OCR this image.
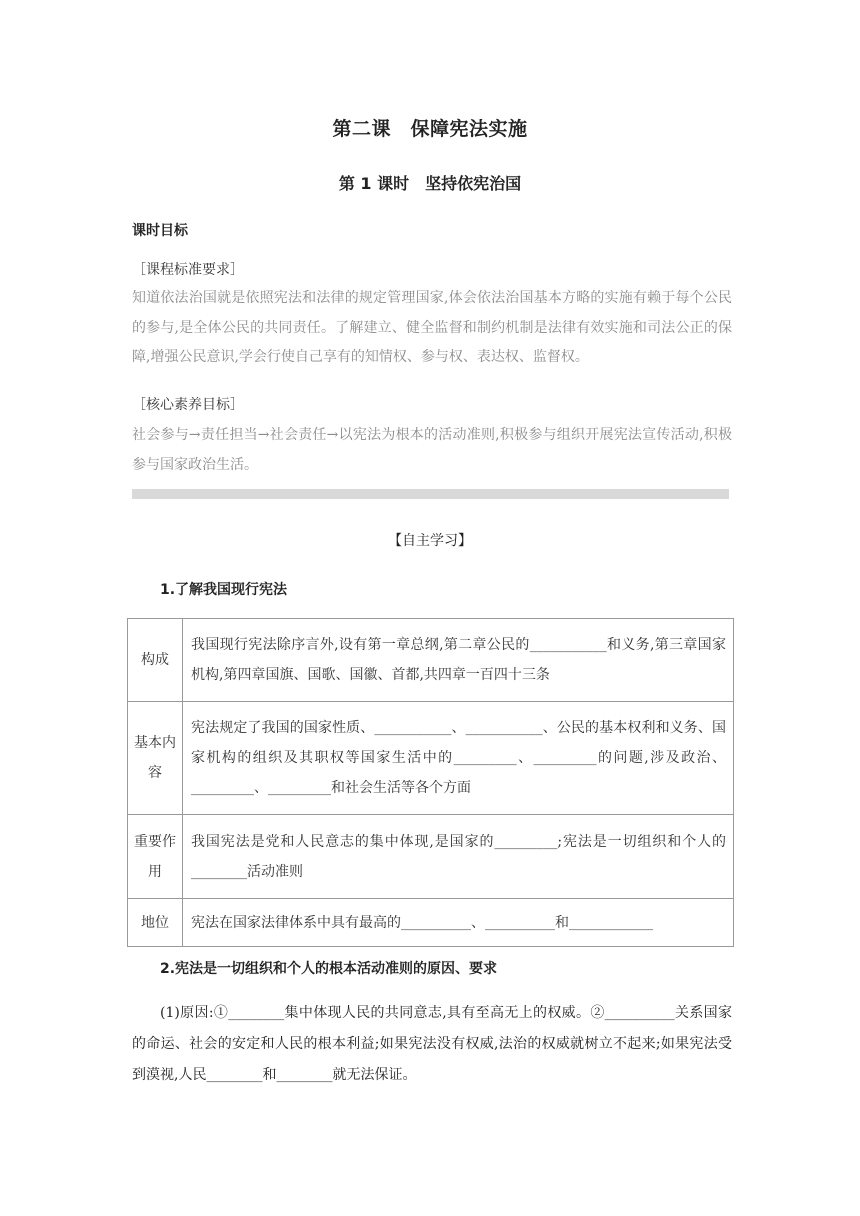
第二课　保障宪法实施
第 1 课时　坚持依宪治国
课时目标
［课程标准要求］

知道依法治国就是依照宪法和法律的规定管理国家,体会依法治国基本方略的实施有赖于每个公民的参与,是全体公民的共同责任。了解建立、健全监督和制约机制是法律有效实施和司法公正的保障,增强公民意识,学会行使自己享有的知情权、参与权、表达权、监督权。

［核心素养目标］

社会参与→责任担当→社会责任→以宪法为根本的活动准则,积极参与组织开展宪法宣传活动,积极参与国家政治生活。

【自主学习】
1.了解我国现行宪法
构成	我国现行宪法除序言外,设有第一章总纲,第二章公民的___________和义务,第三章国家机构,第四章国旗、国歌、国徽、首都,共四章一百四十三条
基本内容	宪法规定了我国的国家性质、___________、___________、公民的基本权利和义务、国家机构的组织及其职权等国家生活中的_________、_________的问题,涉及政治、_________、_________和社会生活等各个方面
重要作用	我国宪法是党和人民意志的集中体现,是国家的_________;宪法是一切组织和个人的________活动准则
地位	宪法在国家法律体系中具有最高的__________、__________和____________
2.宪法是一切组织和个人的根本活动准则的原因、要求

(1)原因:①________集中体现人民的共同意志,具有至高无上的权威。②__________关系国家的命运、社会的安定和人民的根本利益;如果宪法没有权威,法治的权威就树立不起来;如果宪法受到漠视,人民________和________就无法保证。
